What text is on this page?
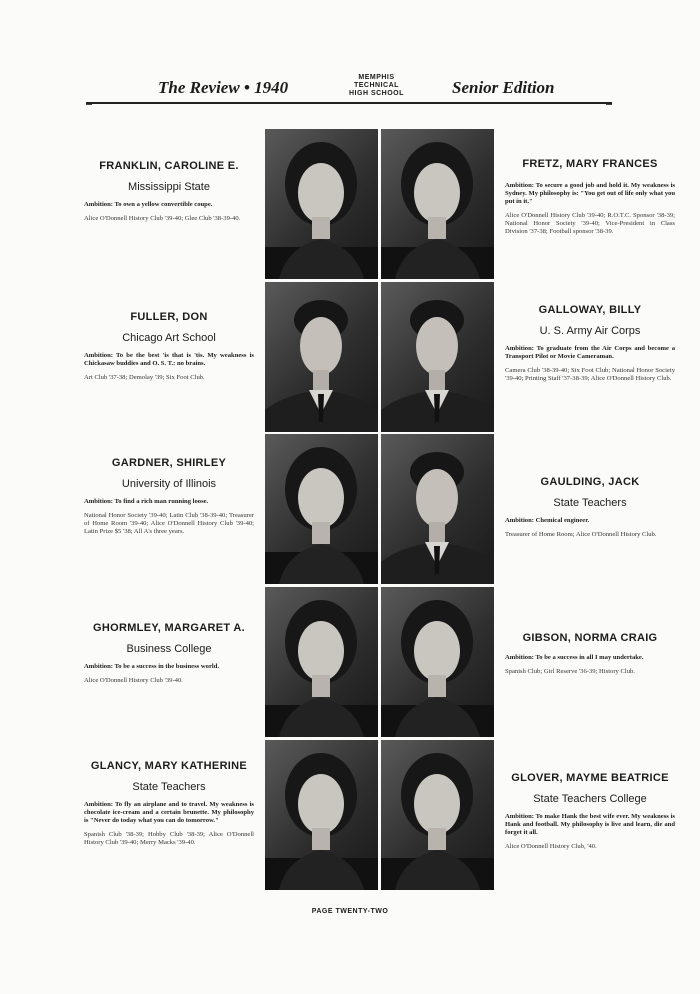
The Review • 1940
MEMPHIS
TECHNICAL
HIGH SCHOOL	Senior Edition
FRANKLIN, CAROLINE E.
Mississippi State
Ambition: To own a yellow convertible coupe.
Alice O'Donnell History Club '39-40; Glee Club '38-39-40.
FRETZ, MARY FRANCES
Ambition: To secure a good job and hold it. My weakness is Sydney. My philosophy is: "You get out of life only what you put in it."
Alice O'Donnell History Club '39-40; R.O.T.C. Sponsor '38-39; National Honor Society '39-40; Vice-President in Class Division '37-38; Football sponsor '38-39.
FULLER, DON
Chicago Art School
Ambition: To be the best 'is that is 'tis. My weakness is Chickasaw buddies and O. S. T.: no brains.
Art Club '37-38; Demolay '39; Six Foot Club.
GALLOWAY, BILLY
U. S. Army Air Corps
Ambition: To graduate from the Air Corps and become a Transport Pilot or Movie Cameraman.
Camera Club '38-39-40; Six Foot Club; National Honor Society '39-40; Printing Staff '37-38-39; Alice O'Donnell History Club.
GARDNER, SHIRLEY
University of Illinois
Ambition: To find a rich man running loose.
National Honor Society '39-40; Latin Club '38-39-40; Treasurer of Home Room '39-40; Alice O'Donnell History Club '39-40; Latin Prize $5 '38; All A's three years.
GAULDING, JACK
State Teachers
Ambition: Chemical engineer.
Treasurer of Home Room; Alice O'Donnell History Club.
GHORMLEY, MARGARET A.
Business College
Ambition: To be a success in the business world.
Alice O'Donnell History Club '39-40.
GIBSON, NORMA CRAIG
Ambition: To be a success in all I may undertake.
Spanish Club; Girl Reserve '36-39; History Club.
GLANCY, MARY KATHERINE
State Teachers
Ambition: To fly an airplane and to travel. My weakness is chocolate ice-cream and a certain brunette. My philosophy is "Never do today what you can do tomorrow."
Spanish Club '38-39; Hobby Club '38-39; Alice O'Donnell History Club '39-40; Merry Macks '39-40.
GLOVER, MAYME BEATRICE
State Teachers College
Ambition: To make Hank the best wife ever. My weakness is Hank and football. My philosophy is live and learn, die and forget it all.
Alice O'Donnell History Club, '40.
PAGE TWENTY-TWO
